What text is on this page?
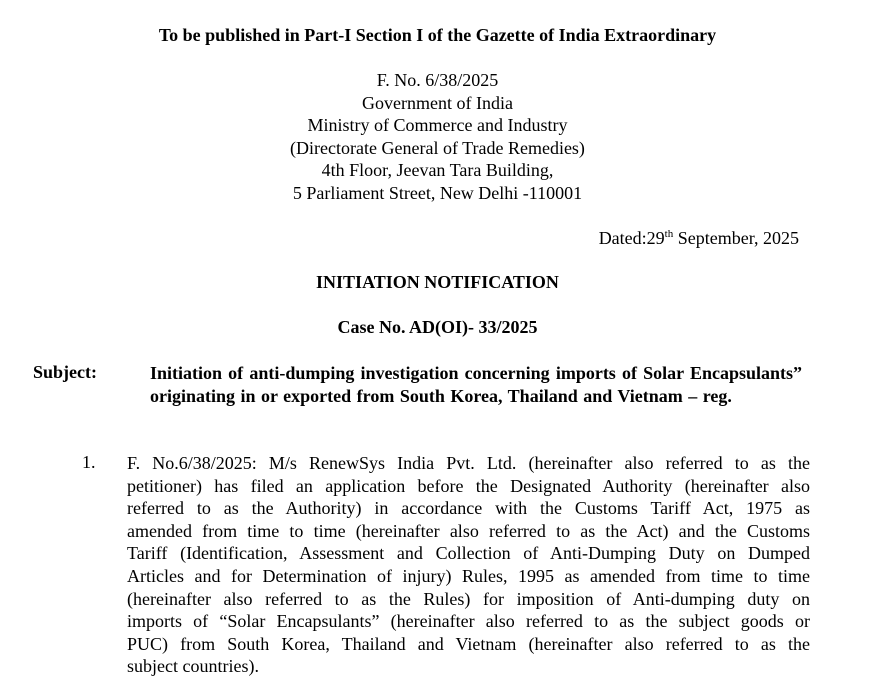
To be published in Part-I Section I of the Gazette of India Extraordinary
F. No. 6/38/2025
Government of India
Ministry of Commerce and Industry
(Directorate General of Trade Remedies)
4th Floor, Jeevan Tara Building,
5 Parliament Street, New Delhi -110001
Dated:29th September, 2025
INITIATION NOTIFICATION
Case No. AD(OI)- 33/2025
Subject:	Initiation of anti-dumping investigation concerning imports of Solar Encapsulants” originating in or exported from South Korea, Thailand and Vietnam – reg.
1. F. No.6/38/2025: M/s RenewSys India Pvt. Ltd. (hereinafter also referred to as the
petitioner) has filed an application before the Designated Authority (hereinafter also
referred to as the Authority) in accordance with the Customs Tariff Act, 1975 as
amended from time to time (hereinafter also referred to as the Act) and the Customs
Tariff (Identification, Assessment and Collection of Anti-Dumping Duty on Dumped
Articles and for Determination of injury) Rules, 1995 as amended from time to time
(hereinafter also referred to as the Rules) for imposition of Anti-dumping duty on
imports of “Solar Encapsulants” (hereinafter also referred to as the subject goods or
PUC) from South Korea, Thailand and Vietnam (hereinafter also referred to as the
subject countries).
